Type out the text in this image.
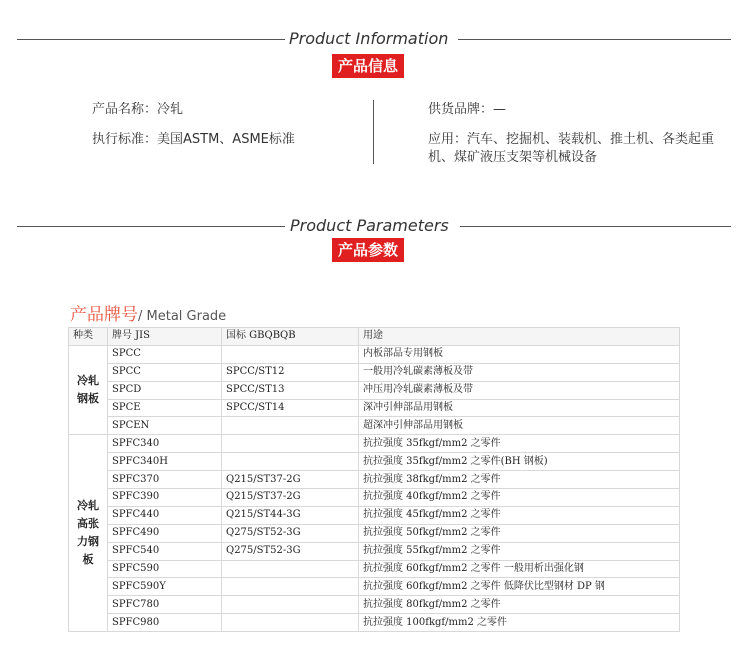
Product Information
产品信息
产品名称：冷轧
执行标准：美国ASTM、ASME标准
供货品牌：—
应用：汽车、挖掘机、装载机、推土机、各类起重机、煤矿液压支架等机械设备
Product Parameters
产品参数
产品牌号/ Metal Grade
种类	牌号 JIS	国标 GBQBQB	用途
冷轧钢板	SPCC		内板部品专用钢板
	SPCC	SPCC/ST12	一般用冷轧碳素薄板及带
	SPCD	SPCC/ST13	冲压用冷轧碳素薄板及带
	SPCE	SPCC/ST14	深冲引伸部品用钢板
	SPCEN		超深冲引伸部品用钢板
冷轧高张力钢板	SPFC340		抗拉强度 35fkgf/mm2 之零件
	SPFC340H		抗拉强度 35fkgf/mm2 之零件(BH 钢板)
	SPFC370	Q215/ST37-2G	抗拉强度 38fkgf/mm2 之零件
	SPFC390	Q215/ST37-2G	抗拉强度 40fkgf/mm2 之零件
	SPFC440	Q215/ST44-3G	抗拉强度 45fkgf/mm2 之零件
	SPFC490	Q275/ST52-3G	抗拉强度 50fkgf/mm2 之零件
	SPFC540	Q275/ST52-3G	抗拉强度 55fkgf/mm2 之零件
	SPFC590		抗拉强度 60fkgf/mm2 之零件 一般用析出强化钢
	SPFC590Y		抗拉强度 60fkgf/mm2 之零件 低降伏比型钢材 DP 钢
	SPFC780		抗拉强度 80fkgf/mm2 之零件
	SPFC980		抗拉强度 100fkgf/mm2 之零件
